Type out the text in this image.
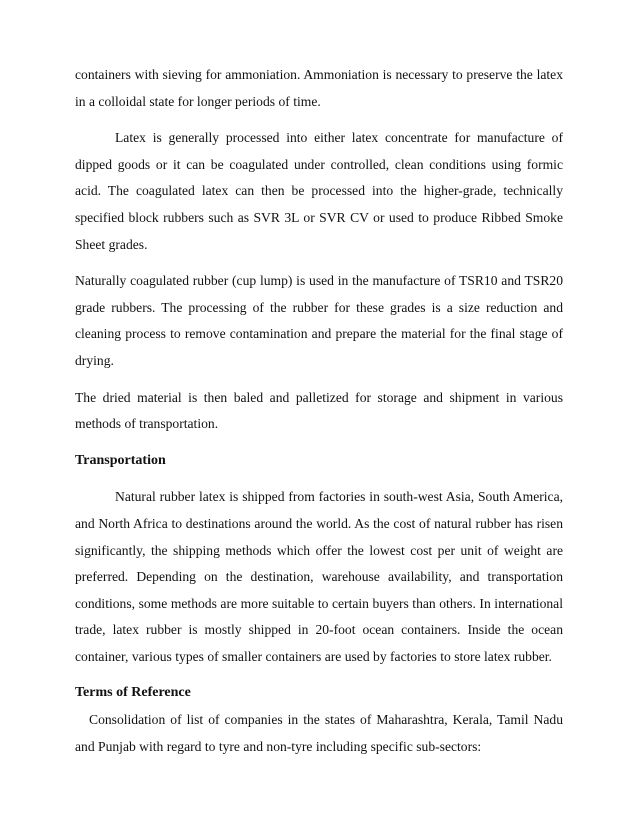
containers with sieving for ammoniation. Ammoniation is necessary to preserve the latex in a colloidal state for longer periods of time.

Latex is generally processed into either latex concentrate for manufacture of dipped goods or it can be coagulated under controlled, clean conditions using formic acid. The coagulated latex can then be processed into the higher-grade, technically specified block rubbers such as SVR 3L or SVR CV or used to produce Ribbed Smoke Sheet grades.

Naturally coagulated rubber (cup lump) is used in the manufacture of TSR10 and TSR20 grade rubbers. The processing of the rubber for these grades is a size reduction and cleaning process to remove contamination and prepare the material for the final stage of drying.

The dried material is then baled and palletized for storage and shipment in various methods of transportation.

Transportation

Natural rubber latex is shipped from factories in south-west Asia, South America, and North Africa to destinations around the world. As the cost of natural rubber has risen significantly, the shipping methods which offer the lowest cost per unit of weight are preferred. Depending on the destination, warehouse availability, and transportation conditions, some methods are more suitable to certain buyers than others. In international trade, latex rubber is mostly shipped in 20-foot ocean containers. Inside the ocean container, various types of smaller containers are used by factories to store latex rubber.

Terms of Reference

Consolidation of list of companies in the states of Maharashtra, Kerala, Tamil Nadu and Punjab with regard to tyre and non-tyre including specific sub-sectors:
